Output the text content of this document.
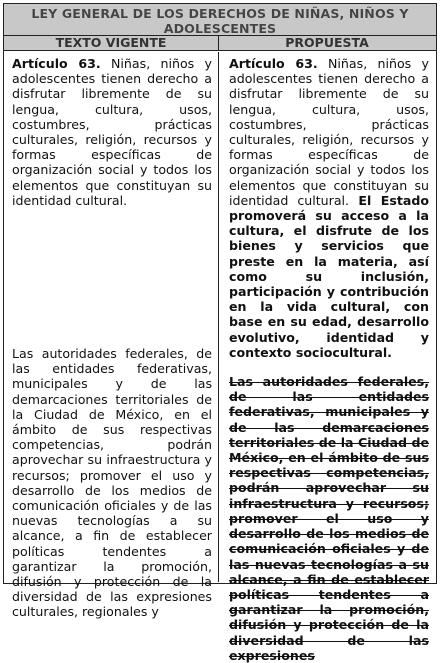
LEY GENERAL DE LOS DERECHOS DE NIÑAS, NIÑOS Y
ADOLESCENTES
TEXTO VIGENTE	PROPUESTA

Artículo 63. Niñas, niños y adolescentes tienen derecho a disfrutar libremente de su lengua, cultura, usos, costumbres, prácticas culturales, religión, recursos y formas específicas de organización social y todos los elementos que constituyan su identidad cultural.

Las autoridades federales, de las entidades federativas, municipales y de las demarcaciones territoriales de la Ciudad de México, en el ámbito de sus respectivas competencias, podrán aprovechar su infraestructura y recursos; promover el uso y desarrollo de los medios de comunicación oficiales y de las nuevas tecnologías a su alcance, a fin de establecer políticas tendentes a garantizar la promoción, difusión y protección de la diversidad de las expresiones culturales, regionales y

Artículo 63. Niñas, niños y adolescentes tienen derecho a disfrutar libremente de su lengua, cultura, usos, costumbres, prácticas culturales, religión, recursos y formas específicas de organización social y todos los elementos que constituyan su identidad cultural. El Estado promoverá su acceso a la cultura, el disfrute de los bienes y servicios que preste en la materia, así como su inclusión, participación y contribución en la vida cultural, con base en su edad, desarrollo evolutivo, identidad y contexto sociocultural.

Las autoridades federales, de las entidades federativas, municipales y de las demarcaciones territoriales de la Ciudad de México, en el ámbito de sus respectivas competencias, podrán aprovechar su infraestructura y recursos; promover el uso y desarrollo de los medios de comunicación oficiales y de las nuevas tecnologías a su alcance, a fin de establecer políticas tendentes a garantizar la promoción, difusión y protección de la diversidad de las expresiones
